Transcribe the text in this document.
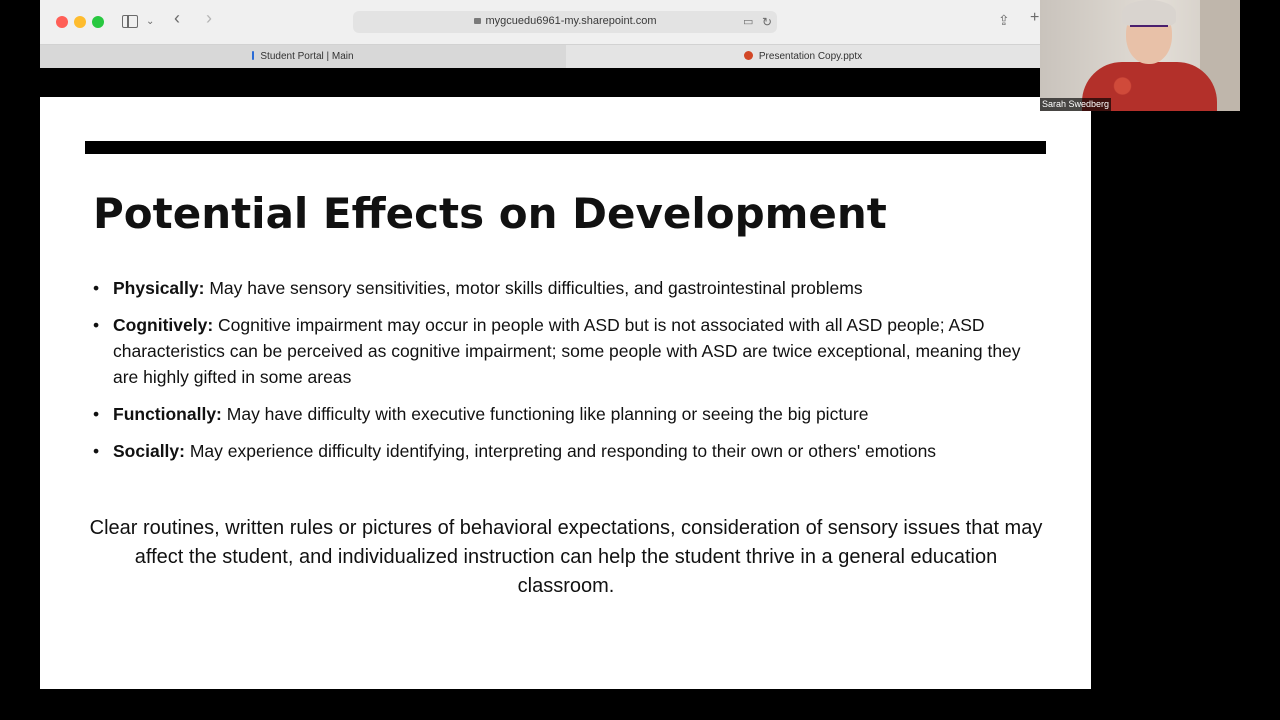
⌄ ‹ ›	mygcuedu6961-my.sharepoint.com	▭ ↻	⇪ +
Student Portal | Main	Presentation Copy.pptx
Potential Effects on Development
• Physically: May have sensory sensitivities, motor skills difficulties, and gastrointestinal problems
• Cognitively: Cognitive impairment may occur in people with ASD but is not associated with all ASD people; ASD characteristics can be perceived as cognitive impairment; some people with ASD are twice exceptional, meaning they are highly gifted in some areas
• Functionally: May have difficulty with executive functioning like planning or seeing the big picture
• Socially: May experience difficulty identifying, interpreting and responding to their own or others' emotions

Clear routines, written rules or pictures of behavioral expectations, consideration of sensory issues that may affect the student, and individualized instruction can help the student thrive in a general education classroom.

Sarah Swedberg
